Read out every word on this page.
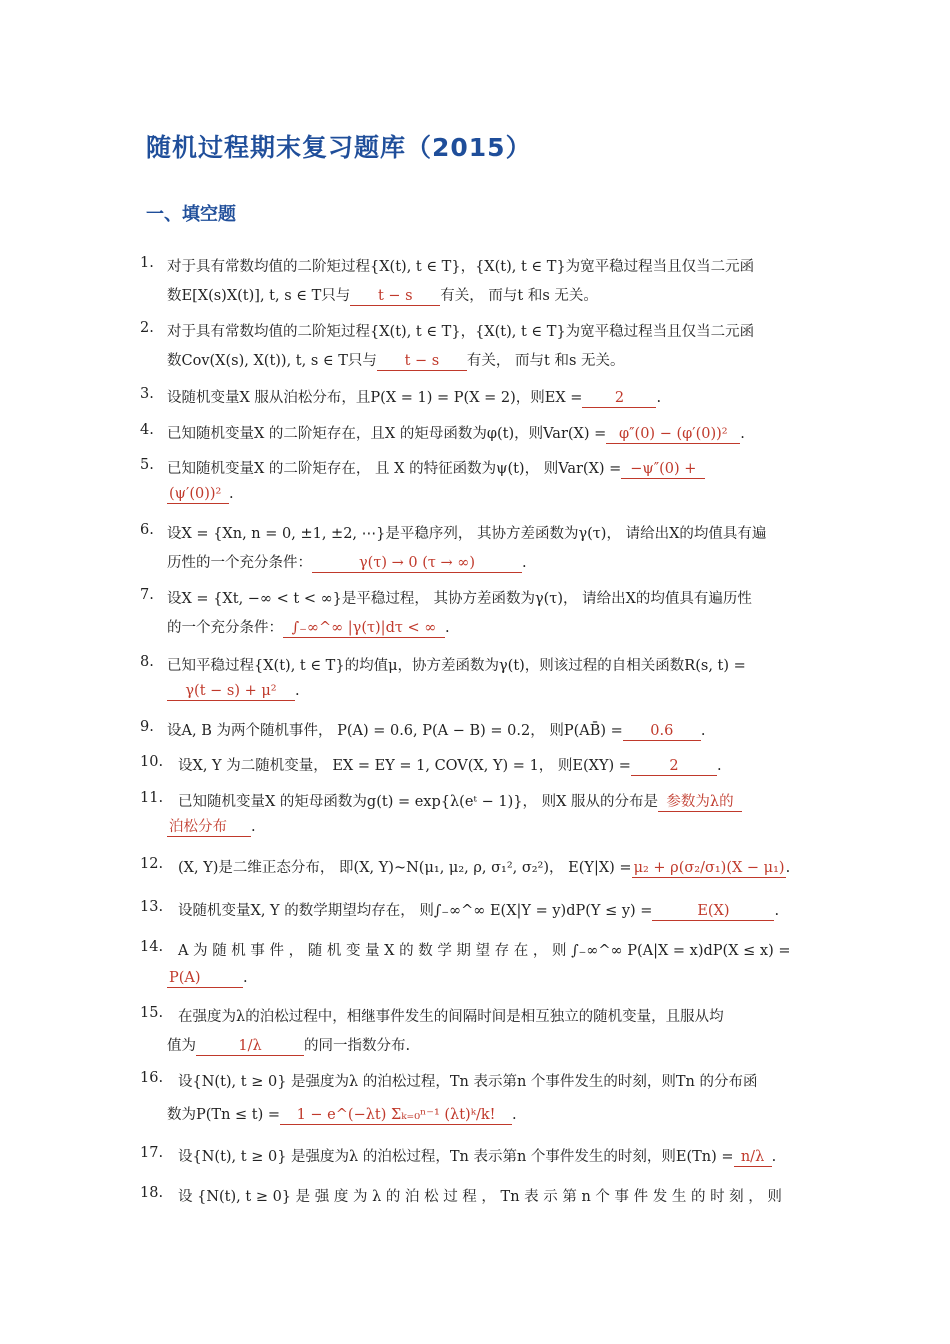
随机过程期末复习题库（2015）
一、填空题
1. 对于具有常数均值的二阶矩过程{X(t), t ∈ T}，{X(t), t ∈ T}为宽平稳过程当且仅当二元函
数E[X(s)X(t)], t, s ∈ T只与 t − s 有关， 而与t 和s 无关。
2. 对于具有常数均值的二阶矩过程{X(t), t ∈ T}，{X(t), t ∈ T}为宽平稳过程当且仅当二元函
数Cov(X(s), X(t)), t, s ∈ T只与 t − s 有关， 而与t 和s 无关。
3. 设随机变量X 服从泊松分布，且P(X = 1) = P(X = 2)，则EX = 2 .
4. 已知随机变量X 的二阶矩存在，且X 的矩母函数为φ(t)，则Var(X) = φ″(0) − (φ′(0))² .
5. 已知随机变量X 的二阶矩存在， 且 X 的特征函数为ψ(t)， 则Var(X) = −ψ″(0) +
(ψ′(0))² .
6. 设X = {Xn, n = 0, ±1, ±2, ⋯}是平稳序列， 其协方差函数为γ(τ)， 请给出X的均值具有遍
历性的一个充分条件：	γ(τ) → 0 (τ → ∞)	.
7. 设X = {Xt, −∞ < t < ∞}是平稳过程， 其协方差函数为γ(τ)， 请给出X的均值具有遍历性
的一个充分条件： ∫₋∞^∞ |γ(τ)|dτ < ∞ .
8. 已知平稳过程{X(t), t ∈ T}的均值μ，协方差函数为γ(t)，则该过程的自相关函数R(s, t) =
γ(t − s) + μ² .
9. 设A, B 为两个随机事件， P(A) = 0.6, P(A − B) = 0.2， 则P(AB̄̄) = 0.6 .
10. 设X, Y 为二随机变量， EX = EY = 1, COV(X, Y) = 1， 则E(XY) =	2	.
11. 已知随机变量X 的矩母函数为g(t) = exp{λ(eᵗ − 1)}， 则X 服从的分布是 参数为λ的
泊松分布 .
12. (X, Y)是二维正态分布， 即(X, Y)~N(μ₁, μ₂, ρ, σ₁², σ₂²)， E(Y|X) = μ₂ + ρ(σ₂/σ₁)(X − μ₁).
13. 设随机变量X, Y 的数学期望均存在， 则∫₋∞^∞ E(X|Y = y)dP(Y ≤ y) =	E(X)	.
14. A 为 随 机 事 件 ， 随 机 变 量 X 的 数 学 期 望 存 在 ， 则 ∫₋∞^∞ P(A|X = x)dP(X ≤ x) =
P(A)	.
15. 在强度为λ的泊松过程中，相继事件发生的间隔时间是相互独立的随机变量，且服从均
值为	1/λ	的同一指数分布.
16. 设{N(t), t ≥ 0} 是强度为λ 的泊松过程，Tn 表示第n 个事件发生的时刻，则Tn 的分布函
数为P(Tn ≤ t) = 1 − e^(−λt) Σₖ₌₀ⁿ⁻¹ (λt)ᵏ/k! .
17. 设{N(t), t ≥ 0} 是强度为λ 的泊松过程，Tn 表示第n 个事件发生的时刻，则E(Tn) = n/λ .
18. 设 {N(t), t ≥ 0} 是 强 度 为 λ 的 泊 松 过 程 ， Tn 表 示 第 n 个 事 件 发 生 的 时 刻 ， 则
